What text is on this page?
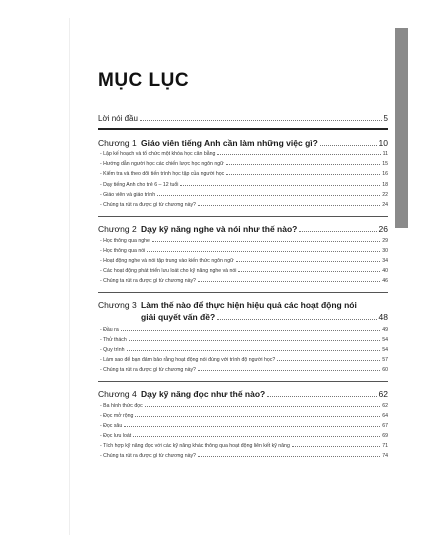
MỤC LỤC
Lời nói đầu	5
Chương 1 Giáo viên tiếng Anh cần làm những việc gì?	10
- Lập kế hoạch và tổ chức một khóa học cân bằng	11
- Hướng dẫn người học các chiến lược học ngôn ngữ	15
- Kiểm tra và theo dõi tiến trình học tập của người học	16
- Dạy tiếng Anh cho trẻ 6 – 12 tuổi	18
- Giáo viên và giáo trình	22
- Chúng ta rút ra được gì từ chương này?	24
Chương 2 Dạy kỹ năng nghe và nói như thế nào?	26
- Học thông qua nghe	29
- Học thông qua nói	30
- Hoạt động nghe và nói tập trung vào kiến thức ngôn ngữ	34
- Các hoạt động phát triển lưu loát cho kỹ năng nghe và nói	40
- Chúng ta rút ra được gì từ chương này?	46
Chương 3 Làm thế nào để thực hiện hiệu quả các hoạt động nói
giải quyết vấn đề?	48
- Đầu ra	49
- Thử thách	54
- Quy trình	54
- Làm sao để bạn đảm bảo rằng hoạt động nói đúng với trình độ người học?	57
- Chúng ta rút ra được gì từ chương này?	60
Chương 4 Dạy kỹ năng đọc như thế nào?	62
- Ba hình thức đọc	62
- Đọc mở rộng	64
- Đọc sâu	67
- Đọc lưu loát	69
- Tích hợp kỹ năng đọc với các kỹ năng khác thông qua hoạt động liên kết kỹ năng	71
- Chúng ta rút ra được gì từ chương này?	74
